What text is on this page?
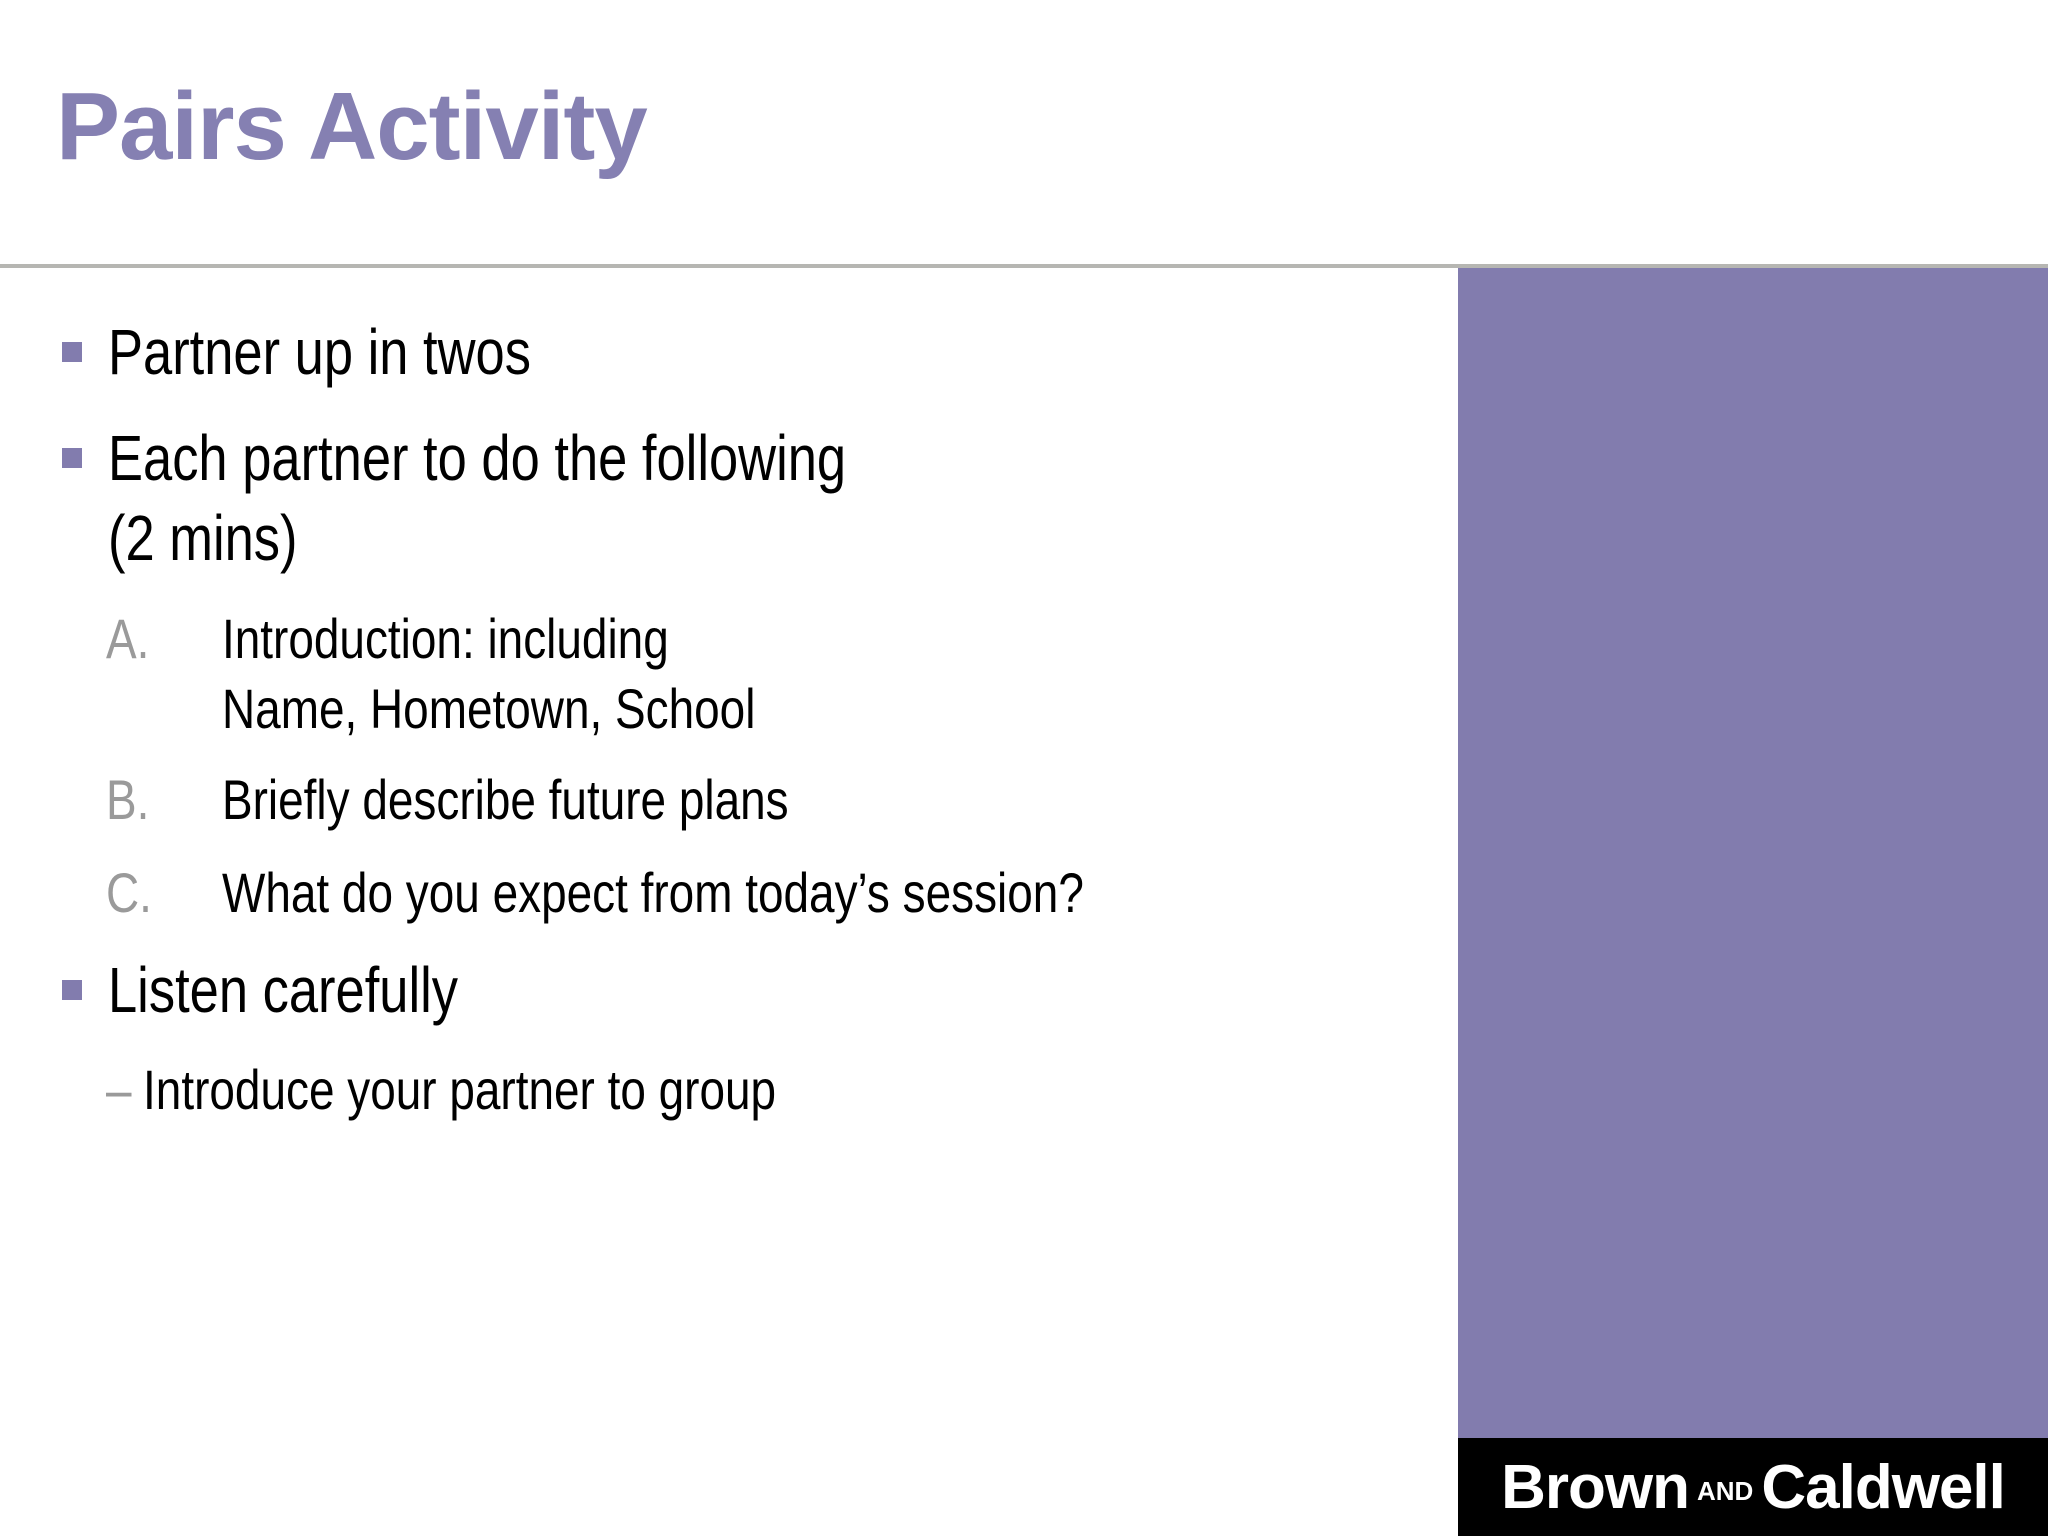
Pairs Activity
Partner up in twos
Each partner to do the following
(2 mins)
A.	Introduction: including
Name, Hometown, School
B.	Briefly describe future plans
C.	What do you expect from today’s session?
Listen carefully
– Introduce your partner to group
Brown AND Caldwell
